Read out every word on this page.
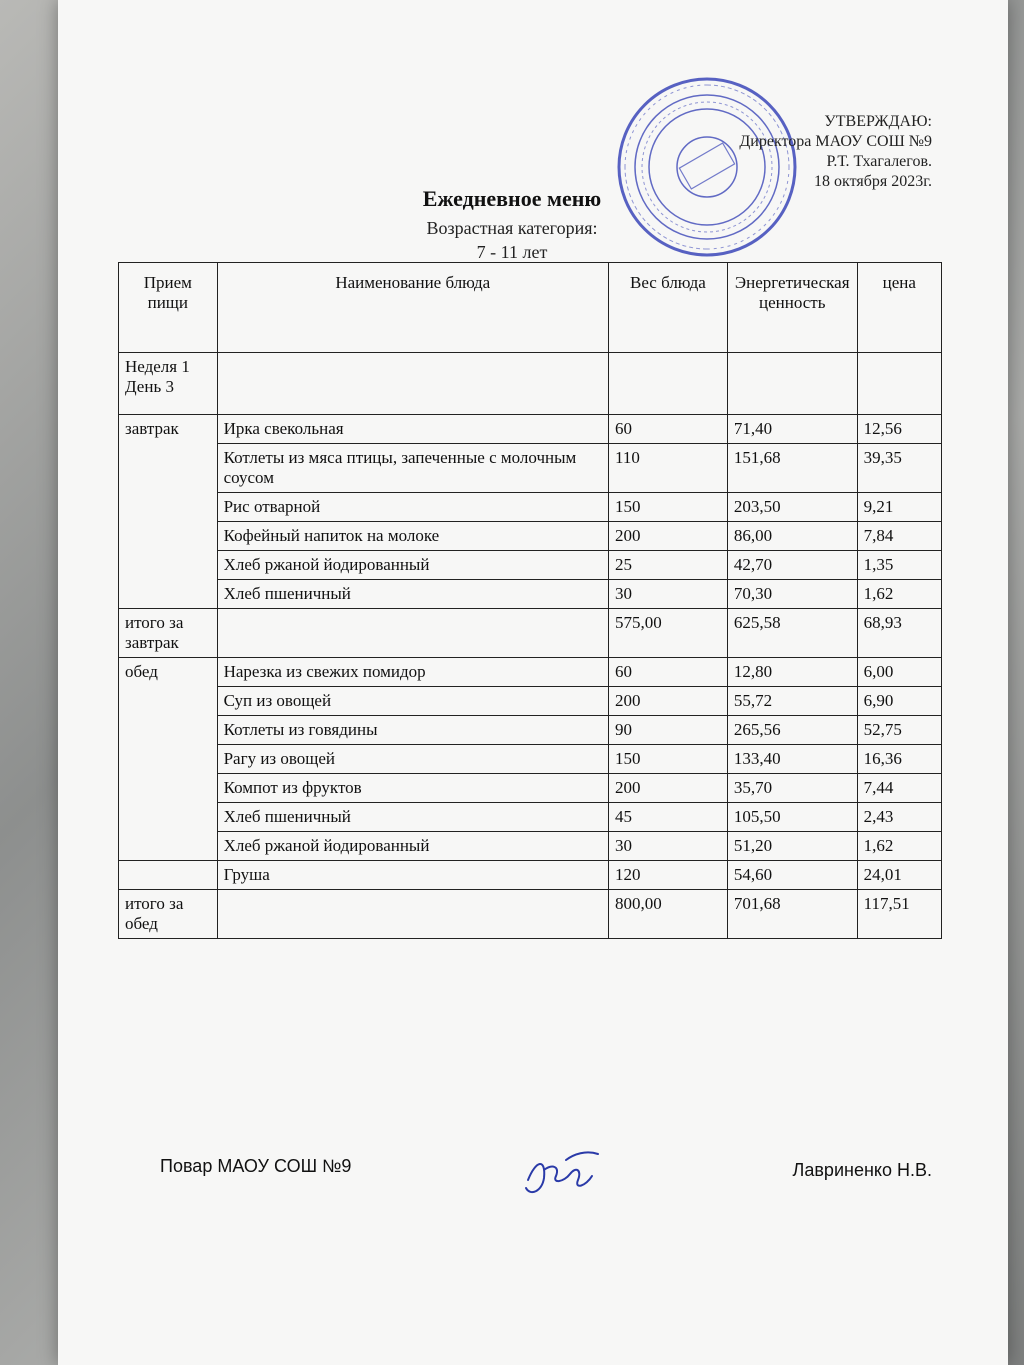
УТВЕРЖДАЮ:
Директора МАОУ СОШ №9
Р.Т. Тхагалегов.
18 октября 2023г.
Ежедневное меню
Возрастная категория:
7 - 11 лет
Прием пищи	Наименование блюда	Вес блюда	Энергетическая ценность	цена
Неделя 1 День 3				
завтрак	Ирка свекольная	60	71,40	12,56
	Котлеты из мяса птицы, запеченные с молочным соусом	110	151,68	39,35
	Рис отварной	150	203,50	9,21
	Кофейный напиток на молоке	200	86,00	7,84
	Хлеб ржаной йодированный	25	42,70	1,35
	Хлеб пшеничный	30	70,30	1,62
итого за завтрак		575,00	625,58	68,93
обед	Нарезка из свежих помидор	60	12,80	6,00
	Суп из овощей	200	55,72	6,90
	Котлеты из говядины	90	265,56	52,75
	Рагу из овощей	150	133,40	16,36
	Компот из фруктов	200	35,70	7,44
	Хлеб пшеничный	45	105,50	2,43
	Хлеб ржаной йодированный	30	51,20	1,62
	Груша	120	54,60	24,01
итого за обед		800,00	701,68	117,51
Повар МАОУ СОШ №9	Лавриненко Н.В.
